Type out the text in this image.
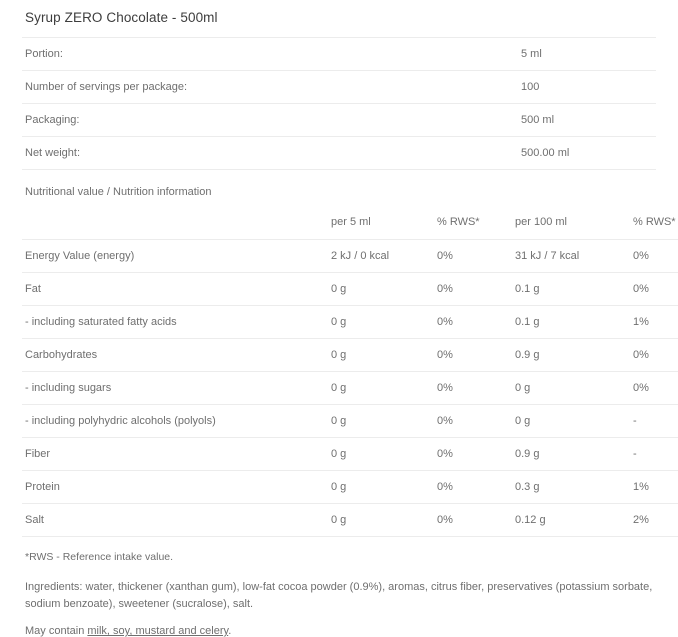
Syrup ZERO Chocolate - 500ml
Portion:	5 ml
Number of servings per package:	100
Packaging:	500 ml
Net weight:	500.00 ml
Nutritional value / Nutrition information
	per 5 ml	% RWS*	per 100 ml	% RWS*
Energy Value (energy)	2 kJ / 0 kcal	0%	31 kJ / 7 kcal	0%
Fat	0 g	0%	0.1 g	0%
- including saturated fatty acids	0 g	0%	0.1 g	1%
Carbohydrates	0 g	0%	0.9 g	0%
- including sugars	0 g	0%	0 g	0%
- including polyhydric alcohols (polyols)	0 g	0%	0 g	-
Fiber	0 g	0%	0.9 g	-
Protein	0 g	0%	0.3 g	1%
Salt	0 g	0%	0.12 g	2%
*RWS - Reference intake value.
Ingredients: water, thickener (xanthan gum), low-fat cocoa powder (0.9%), aromas, citrus fiber, preservatives (potassium sorbate, sodium benzoate), sweetener (sucralose), salt.
May contain milk, soy, mustard and celery.
